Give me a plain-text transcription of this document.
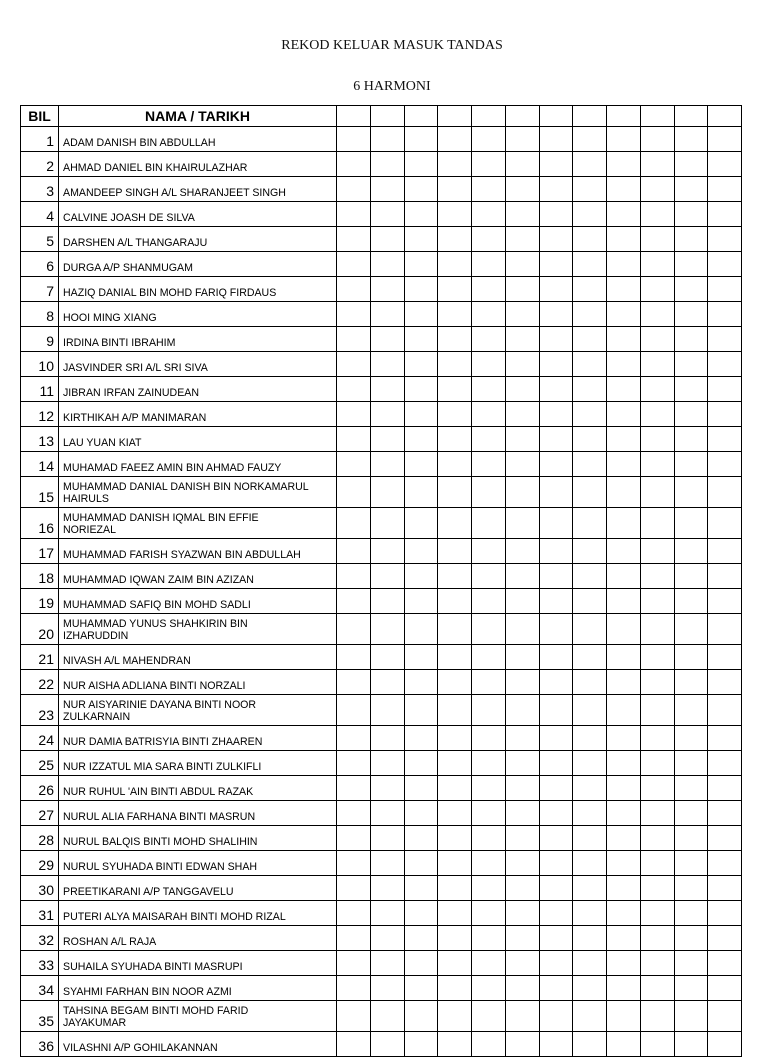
REKOD KELUAR MASUK TANDAS
6 HARMONI
BIL	NAMA / TARIKH												
1	ADAM DANISH BIN ABDULLAH												

2	AHMAD DANIEL BIN KHAIRULAZHAR												

3	AMANDEEP SINGH A/L SHARANJEET SINGH												

4	CALVINE JOASH DE SILVA												

5	DARSHEN A/L THANGARAJU												

6	DURGA A/P SHANMUGAM												

7	HAZIQ DANIAL BIN MOHD FARIQ FIRDAUS												

8	HOOI MING XIANG												

9	IRDINA BINTI IBRAHIM												

10	JASVINDER SRI A/L SRI SIVA												

11	JIBRAN IRFAN ZAINUDEAN												

12	KIRTHIKAH A/P MANIMARAN												

13	LAU YUAN KIAT												

14	MUHAMAD FAEEZ AMIN BIN AHMAD FAUZY												

15	MUHAMMAD DANIAL DANISH BIN NORKAMARUL
HAIRULS												

16	MUHAMMAD DANISH IQMAL BIN EFFIE
NORIEZAL												

17	MUHAMMAD FARISH SYAZWAN BIN ABDULLAH												

18	MUHAMMAD IQWAN ZAIM BIN AZIZAN												

19	MUHAMMAD SAFIQ BIN MOHD SADLI												

20	MUHAMMAD YUNUS SHAHKIRIN BIN
IZHARUDDIN												

21	NIVASH A/L MAHENDRAN												

22	NUR AISHA ADLIANA BINTI NORZALI												

23	NUR AISYARINIE DAYANA BINTI NOOR
ZULKARNAIN												

24	NUR DAMIA BATRISYIA BINTI ZHAAREN												

25	NUR IZZATUL MIA SARA BINTI ZULKIFLI												

26	NUR RUHUL 'AIN BINTI ABDUL RAZAK												

27	NURUL ALIA FARHANA BINTI MASRUN												

28	NURUL BALQIS BINTI MOHD SHALIHIN												

29	NURUL SYUHADA BINTI EDWAN SHAH												

30	PREETIKARANI A/P TANGGAVELU												

31	PUTERI ALYA MAISARAH BINTI MOHD RIZAL												

32	ROSHAN A/L RAJA												

33	SUHAILA SYUHADA BINTI MASRUPI												

34	SYAHMI FARHAN BIN NOOR AZMI												

35	TAHSINA BEGAM BINTI MOHD FARID
JAYAKUMAR												

36	VILASHNI A/P GOHILAKANNAN												
